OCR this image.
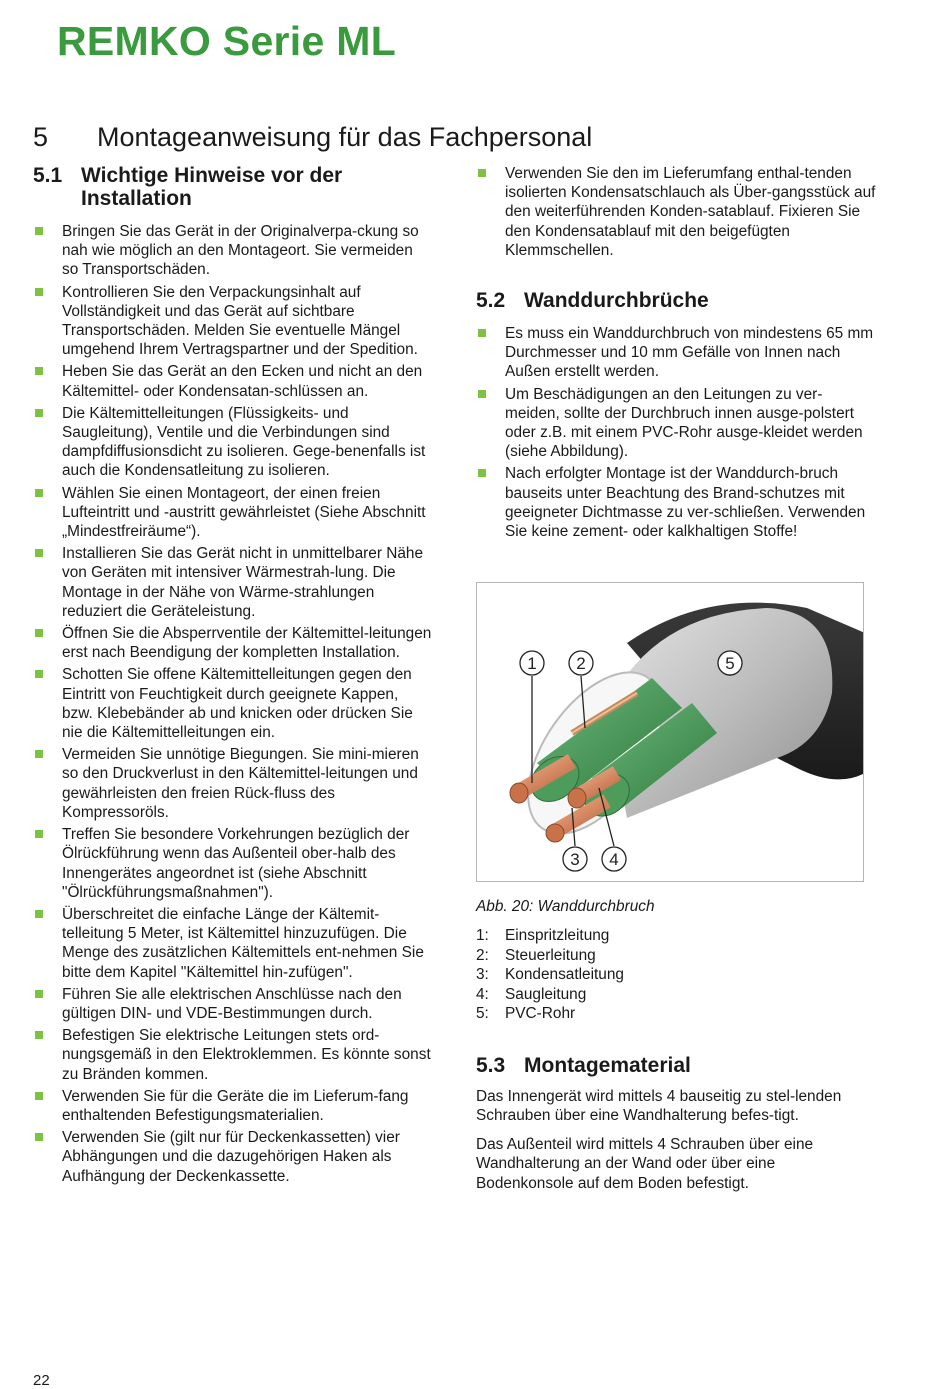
REMKO Serie ML
5 Montageanweisung für das Fachpersonal
5.1 Wichtige Hinweise vor der Installation
Bringen Sie das Gerät in der Originalverpa-ckung so nah wie möglich an den Montageort. Sie vermeiden so Transportschäden.
Kontrollieren Sie den Verpackungsinhalt auf Vollständigkeit und das Gerät auf sichtbare Transportschäden. Melden Sie eventuelle Mängel umgehend Ihrem Vertragspartner und der Spedition.
Heben Sie das Gerät an den Ecken und nicht an den Kältemittel- oder Kondensatan-schlüssen an.
Die Kältemittelleitungen (Flüssigkeits- und Saugleitung), Ventile und die Verbindungen sind dampfdiffusionsdicht zu isolieren. Gege-benenfalls ist auch die Kondensatleitung zu isolieren.
Wählen Sie einen Montageort, der einen freien Lufteintritt und -austritt gewährleistet (Siehe Abschnitt „Mindestfreiräume“).
Installieren Sie das Gerät nicht in unmittelbarer Nähe von Geräten mit intensiver Wärmestrah-lung. Die Montage in der Nähe von Wärme-strahlungen reduziert die Geräteleistung.
Öffnen Sie die Absperrventile der Kältemittel-leitungen erst nach Beendigung der kompletten Installation.
Schotten Sie offene Kältemittelleitungen gegen den Eintritt von Feuchtigkeit durch geeignete Kappen, bzw. Klebebänder ab und knicken oder drücken Sie nie die Kältemittelleitungen ein.
Vermeiden Sie unnötige Biegungen. Sie mini-mieren so den Druckverlust in den Kältemittel-leitungen und gewährleisten den freien Rück-fluss des Kompressoröls.
Treffen Sie besondere Vorkehrungen bezüglich der Ölrückführung wenn das Außenteil ober-halb des Innengerätes angeordnet ist (siehe Abschnitt "Ölrückführungsmaßnahmen").
Überschreitet die einfache Länge der Kältemit-telleitung 5 Meter, ist Kältemittel hinzuzufügen. Die Menge des zusätzlichen Kältemittels ent-nehmen Sie bitte dem Kapitel "Kältemittel hin-zufügen".
Führen Sie alle elektrischen Anschlüsse nach den gültigen DIN- und VDE-Bestimmungen durch.
Befestigen Sie elektrische Leitungen stets ord-nungsgemäß in den Elektroklemmen. Es könnte sonst zu Bränden kommen.
Verwenden Sie für die Geräte die im Lieferum-fang enthaltenden Befestigungsmaterialien.
Verwenden Sie (gilt nur für Deckenkassetten) vier Abhängungen und die dazugehörigen Haken als Aufhängung der Deckenkassette.
Verwenden Sie den im Lieferumfang enthal-tenden isolierten Kondensatschlauch als Über-gangsstück auf den weiterführenden Konden-satablauf. Fixieren Sie den Kondensatablauf mit den beigefügten Klemmschellen.
5.2 Wanddurchbrüche
Es muss ein Wanddurchbruch von mindestens 65 mm Durchmesser und 10 mm Gefälle von Innen nach Außen erstellt werden.
Um Beschädigungen an den Leitungen zu ver-meiden, sollte der Durchbruch innen ausge-polstert oder z.B. mit einem PVC-Rohr ausge-kleidet werden (siehe Abbildung).
Nach erfolgter Montage ist der Wanddurch-bruch bauseits unter Beachtung des Brand-schutzes mit geeigneter Dichtmasse zu ver-schließen. Verwenden Sie keine zement- oder kalkhaltigen Stoffe!
1 2
3 4
5
Abb. 20: Wanddurchbruch
1:	Einspritzleitung
2:	Steuerleitung
3:	Kondensatleitung
4:	Saugleitung
5:	PVC-Rohr
5.3 Montagematerial

Das Innengerät wird mittels 4 bauseitig zu stel-lenden Schrauben über eine Wandhalterung befes-tigt.

Das Außenteil wird mittels 4 Schrauben über eine Wandhalterung an der Wand oder über eine Bodenkonsole auf dem Boden befestigt.

22
